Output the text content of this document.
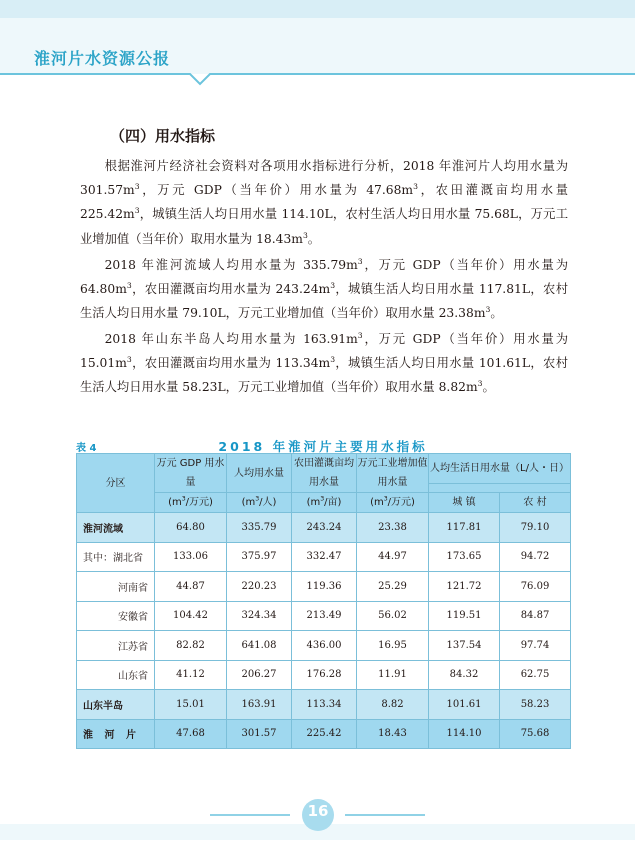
淮河片水资源公报
（四）用水指标

根据淮河片经济社会资料对各项用水指标进行分析，2018 年淮河片人均用水量为 $301.57m^3$，万元 GDP（当年价）用水量为 $47.68m^3$，农田灌溉亩均用水量 $225.42m^3$，城镇生活人均日用水量 114.10L，农村生活人均日用水量 75.68L，万元工业增加值（当年价）取用水量为 $18.43m^3$。

2018 年淮河流域人均用水量为 $335.79m^3$，万元 GDP（当年价）用水量为 $64.80m^3$，农田灌溉亩均用水量为 $243.24m^3$，城镇生活人均日用水量 117.81L，农村生活人均日用水量 79.10L，万元工业增加值（当年价）取用水量 $23.38m^3$。

2018 年山东半岛人均用水量为 $163.91m^3$，万元 GDP（当年价）用水量为 $15.01m^3$，农田灌溉亩均用水量为 $113.34m^3$，城镇生活人均日用水量 101.61L，农村生活人均日用水量 58.23L，万元工业增加值（当年价）取用水量 $8.82m^3$。

表 4	2018 年淮河片主要用水指标
分区	万元 GDP 用水量	人均用水量	农田灌溉亩均用水量	万元工业增加值用水量	人均生活日用水量（L/人・日）	

	($m^3/$万元)	($m^3/$人)	($m^3/$亩)	($m^3/$万元)	城 镇	农 村
淮河流域	64.80	335.79	243.24	23.38	117.81	79.10
其中：湖北省	133.06	375.97	332.47	44.97	173.65	94.72
河南省	44.87	220.23	119.36	25.29	121.72	76.09
安徽省	104.42	324.34	213.49	56.02	119.51	84.87
江苏省	82.82	641.08	436.00	16.95	137.54	97.74
山东省	41.12	206.27	176.28	11.91	84.32	62.75
山东半岛	15.01	163.91	113.34	8.82	101.61	58.23
淮 河 片	47.68	301.57	225.42	18.43	114.10	75.68
16
